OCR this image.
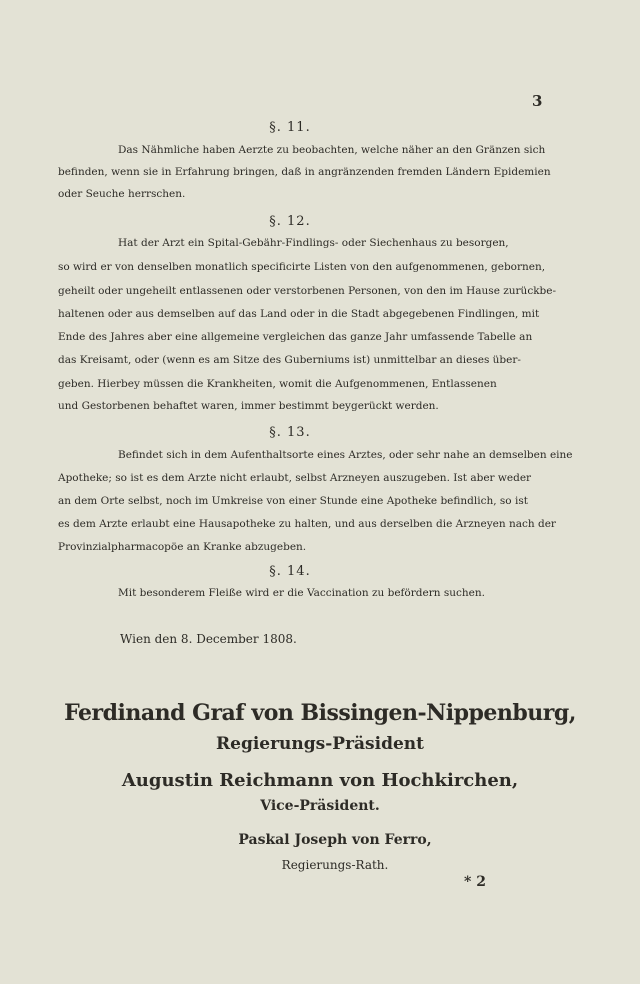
3
§. 11.
Das Nähmliche haben Aerzte zu beobachten, welche näher an den Gränzen sich
befinden, wenn sie in Erfahrung bringen, daß in angränzenden fremden Ländern Epidemien
oder Seuche herrschen.
§. 12.
Hat der Arzt ein Spital-Gebähr-Findlings- oder Siechenhaus zu besorgen,
so wird er von denselben monatlich specificirte Listen von den aufgenommenen, gebornen,
geheilt oder ungeheilt entlassenen oder verstorbenen Personen, von den im Hause zurückbe-
haltenen oder aus demselben auf das Land oder in die Stadt abgegebenen Findlingen, mit
Ende des Jahres aber eine allgemeine vergleichen das ganze Jahr umfassende Tabelle an
das Kreisamt, oder (wenn es am Sitze des Guberniums ist) unmittelbar an dieses über-
geben. Hierbey müssen die Krankheiten, womit die Aufgenommenen, Entlassenen
und Gestorbenen behaftet waren, immer bestimmt beygerückt werden.
§. 13.
Befindet sich in dem Aufenthaltsorte eines Arztes, oder sehr nahe an demselben eine
Apotheke; so ist es dem Arzte nicht erlaubt, selbst Arzneyen auszugeben. Ist aber weder
an dem Orte selbst, noch im Umkreise von einer Stunde eine Apotheke befindlich, so ist
es dem Arzte erlaubt eine Hausapotheke zu halten, und aus derselben die Arzneyen nach der
Provinzialpharmacopöe an Kranke abzugeben.
§. 14.
Mit besonderem Fleiße wird er die Vaccination zu befördern suchen.
Wien den 8. December 1808.
Ferdinand Graf von Bissingen-Nippenburg,
Regierungs-Präsident
Augustin Reichmann von Hochkirchen,
Vice-Präsident.
Paskal Joseph von Ferro,
Regierungs-Rath.
* 2
